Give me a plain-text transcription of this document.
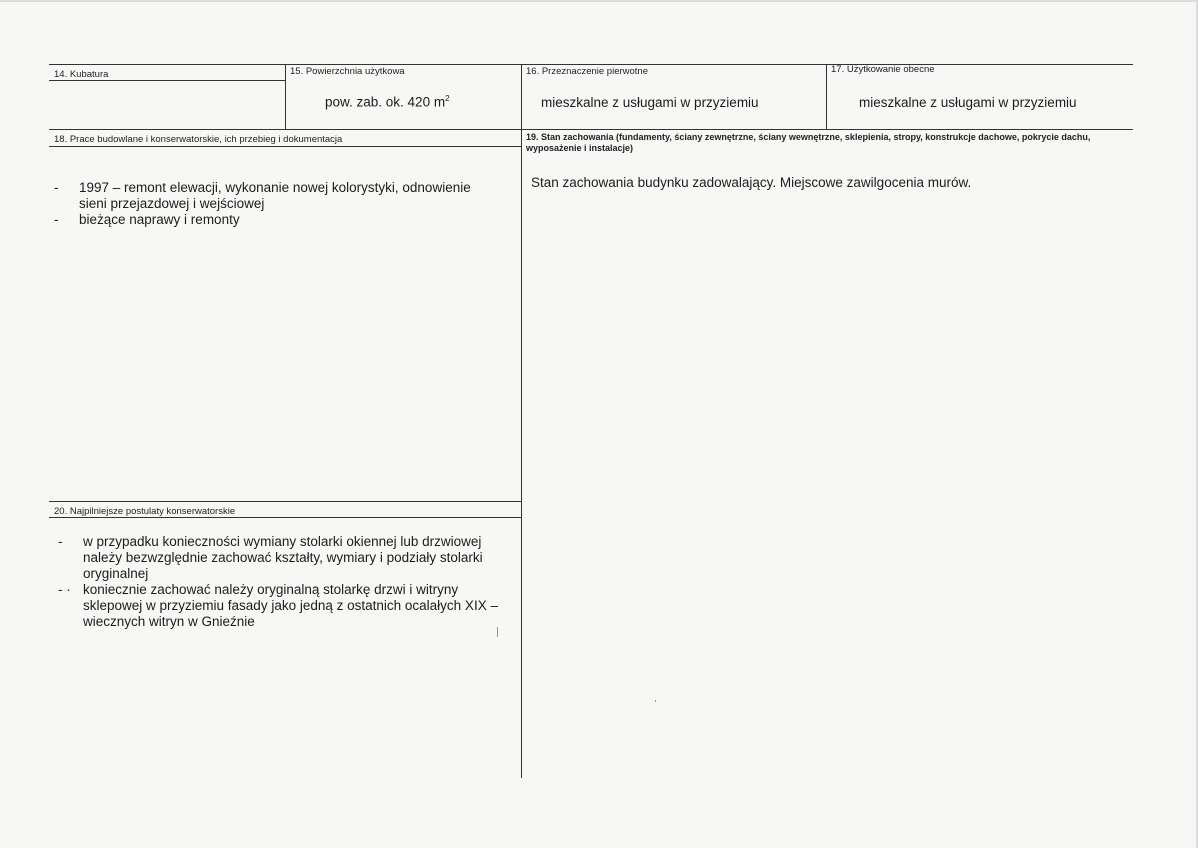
14. Kubatura	15. Powierzchnia użytkowa
pow. zab. ok. 420 $m^2$
16. Przeznaczenie pierwotne
mieszkalne z usługami w przyziemiu
17. Użytkowanie obecne
mieszkalne z usługami w przyziemiu
18. Prace budowlane i konserwatorskie, ich przebieg i dokumentacja
- 1997 – remont elewacji, wykonanie nowej kolorystyki, odnowienie sieni przejazdowej i wejściowej
- bieżące naprawy i remonty
19. Stan zachowania (fundamenty, ściany zewnętrzne, ściany wewnętrzne, sklepienia, stropy, konstrukcje dachowe, pokrycie dachu, wyposażenie i instalacje)
Stan zachowania budynku zadowalający. Miejscowe zawilgocenia murów.
20. Najpilniejsze postulaty konserwatorskie
- w przypadku konieczności wymiany stolarki okiennej lub drzwiowej należy bezwzględnie zachować kształty, wymiary i podziały stolarki oryginalnej
- · koniecznie zachować należy oryginalną stolarkę drzwi i witryny sklepowej w przyziemiu fasady jako jedną z ostatnich ocalałych XIX – wiecznych witryn w Gnieźnie
